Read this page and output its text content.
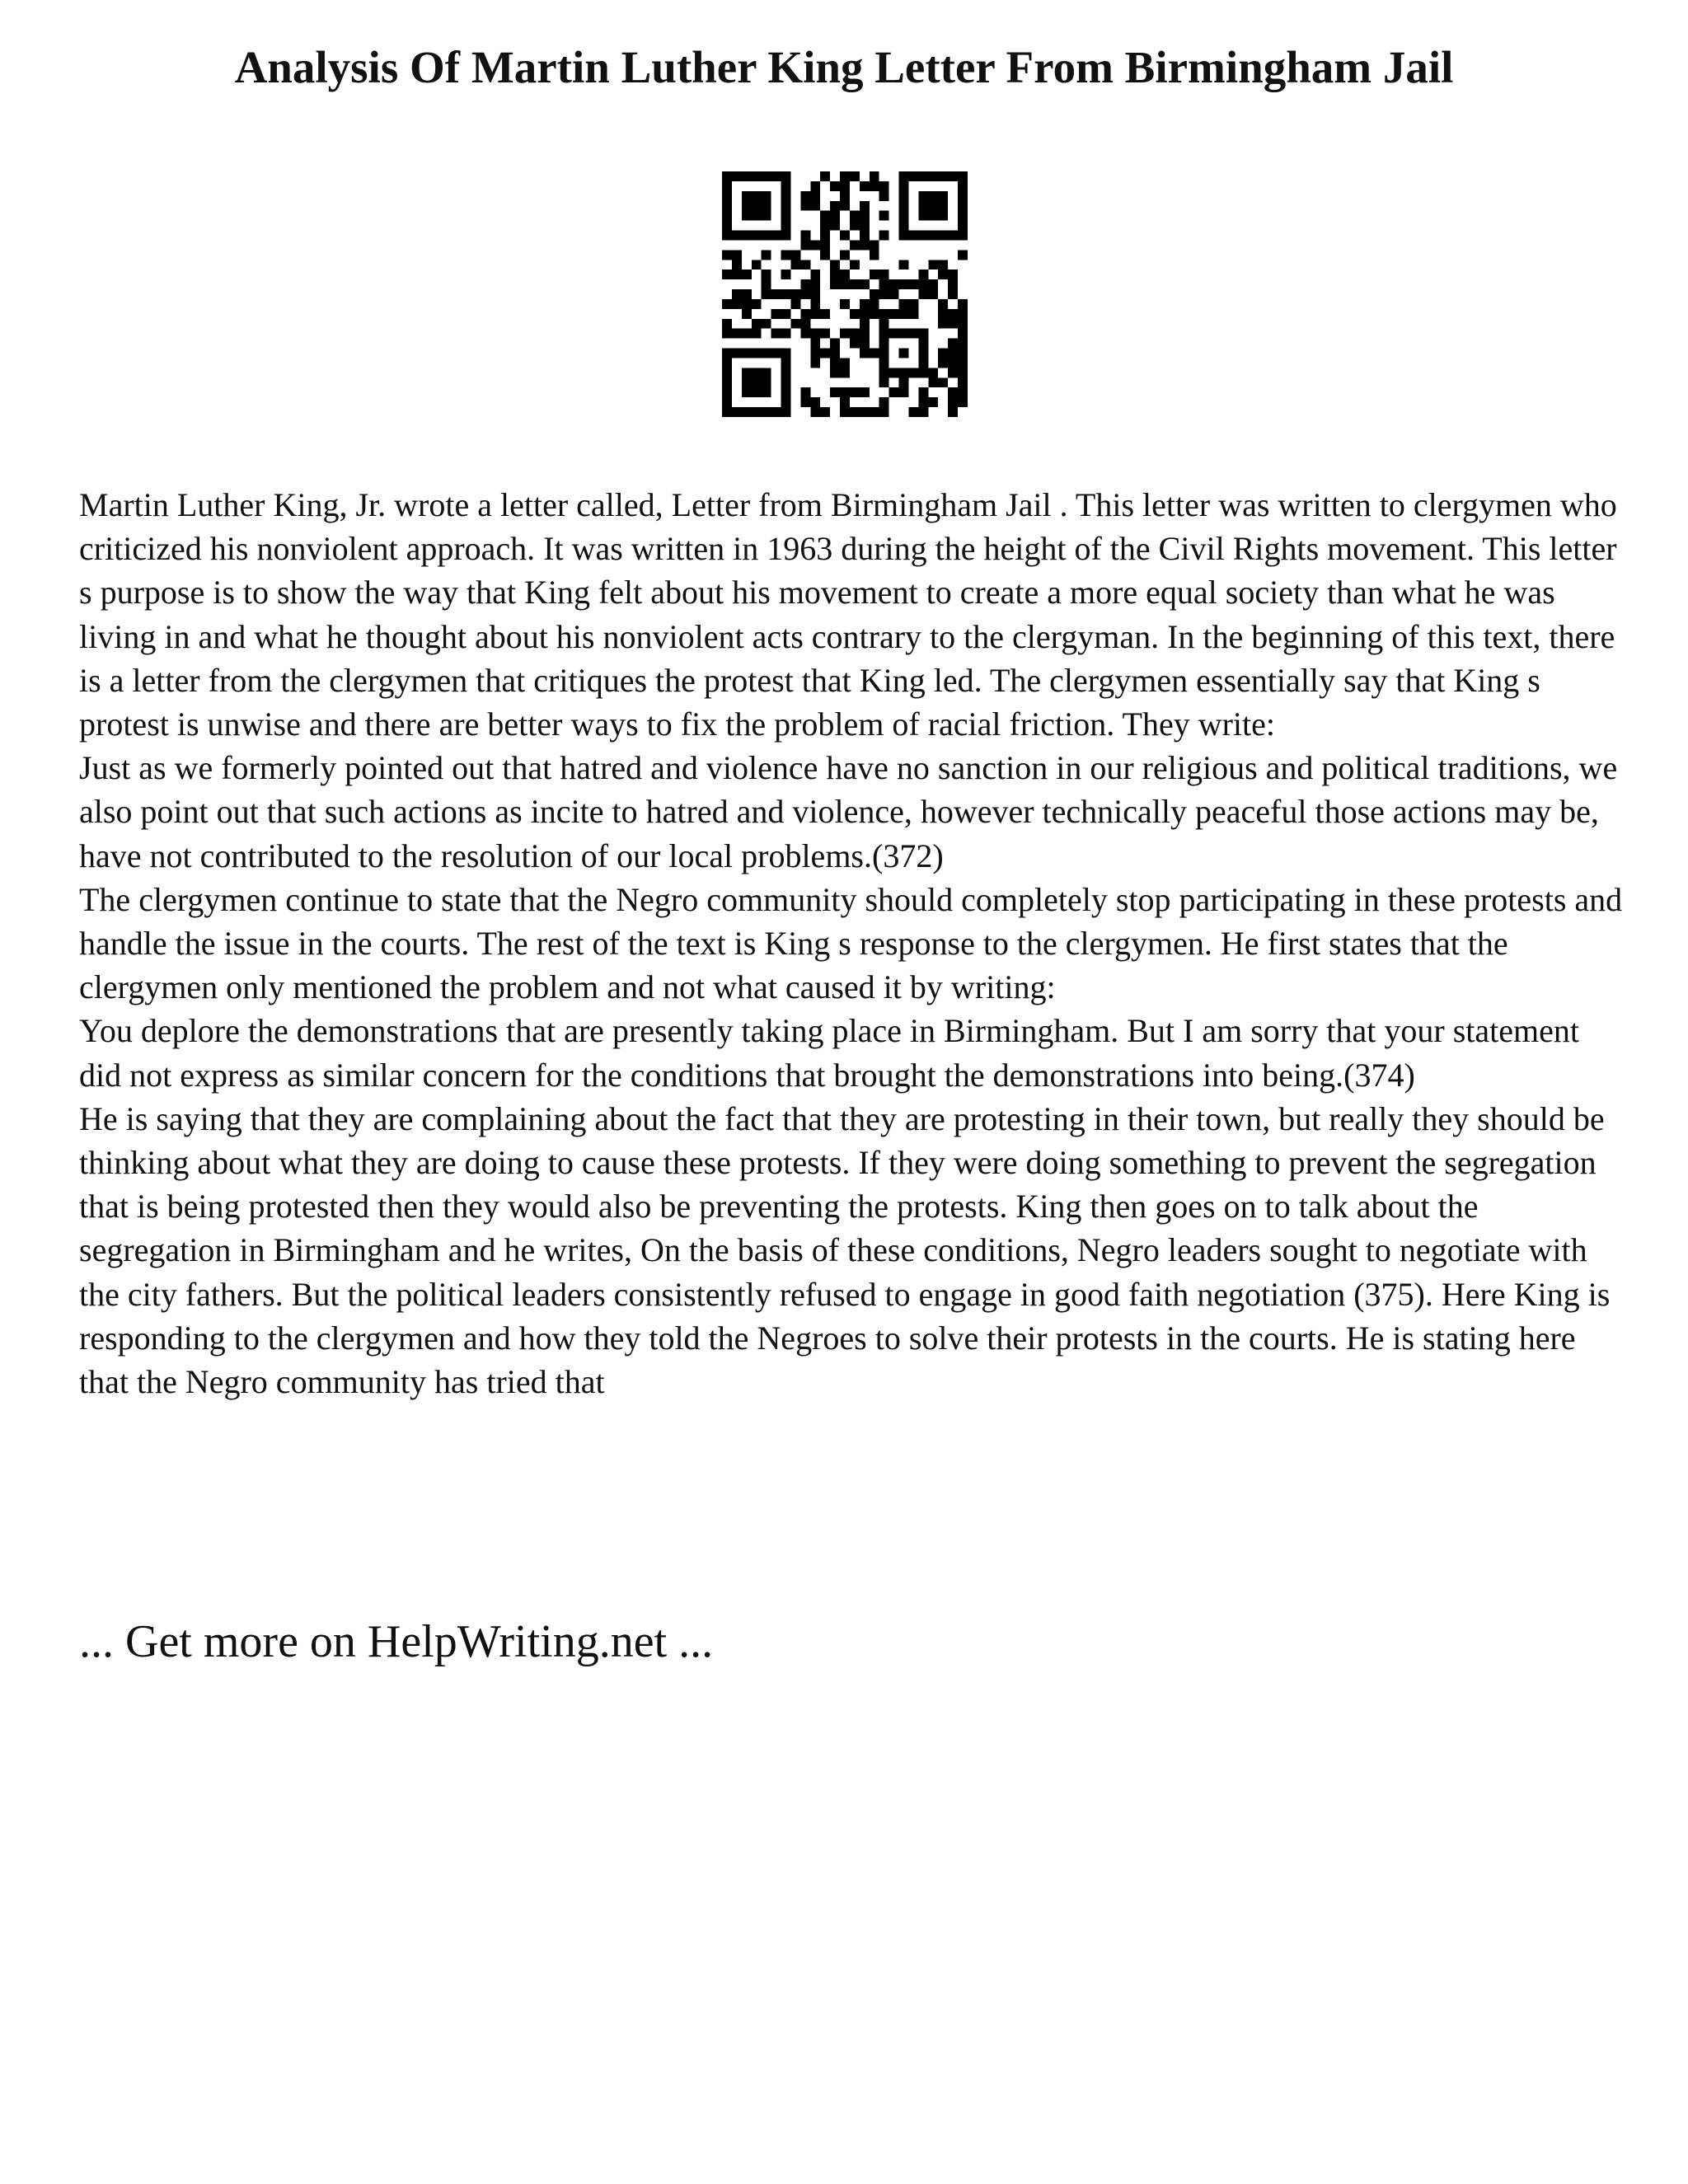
Analysis Of Martin Luther King Letter From Birmingham Jail

Martin Luther King, Jr. wrote a letter called, Letter from Birmingham Jail . This letter was written to clergymen who criticized his nonviolent approach. It was written in 1963 during the height of the Civil Rights movement. This letter s purpose is to show the way that King felt about his movement to create a more equal society than what he was living in and what he thought about his nonviolent acts contrary to the clergyman. In the beginning of this text, there is a letter from the clergymen that critiques the protest that King led. The clergymen essentially say that King s protest is unwise and there are better ways to fix the problem of racial friction. They write:

Just as we formerly pointed out that hatred and violence have no sanction in our religious and political traditions, we also point out that such actions as incite to hatred and violence, however technically peaceful those actions may be, have not contributed to the resolution of our local problems.(372)

The clergymen continue to state that the Negro community should completely stop participating in these protests and handle the issue in the courts. The rest of the text is King s response to the clergymen. He first states that the clergymen only mentioned the problem and not what caused it by writing:

You deplore the demonstrations that are presently taking place in Birmingham. But I am sorry that your statement did not express as similar concern for the conditions that brought the demonstrations into being.(374)

He is saying that they are complaining about the fact that they are protesting in their town, but really they should be thinking about what they are doing to cause these protests. If they were doing something to prevent the segregation that is being protested then they would also be preventing the protests. King then goes on to talk about the segregation in Birmingham and he writes, On the basis of these conditions, Negro leaders sought to negotiate with the city fathers. But the political leaders consistently refused to engage in good faith negotiation (375). Here King is responding to the clergymen and how they told the Negroes to solve their protests in the courts. He is stating here that the Negro community has tried that

... Get more on HelpWriting.net ...
